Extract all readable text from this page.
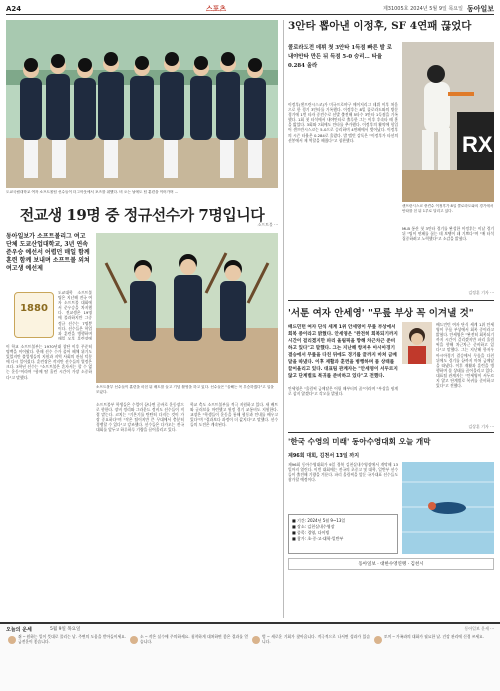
A24	스포츠	제31005호 2024년 5월 9일 목요일 동아일보
도쿄국립대학교 여자 소프트볼팀 선수들이 더그아웃에서 포즈를 취했다. 비 오는 날에도 팀 훈련을 이어가며 ...
전교생 19명 중 정규선수가 7명입니다
소프트볼 ···
동아일보가 소프트볼리그 여고 단체 도쿄산업대학교, 3년 연속 준우승 예선서 어렵던 매일 함께 훈련 함께 보내며 소프트볼 외쳐 여고생 예선제
1880
도쿄대학 소프트볼팀은 지난해 전국 여자 소프트볼 대회에서 준우승을 차지했다. 전교생은 19명에 불과하지만 그중 정규 선수는 7명뿐이다. 선수들은 학업과 훈련을 병행하며 매일 오후 훈련장에
이 학교 소프트볼부는 1970년대 창단 이후 꾸준히 명맥을 이어왔다. 한때 선수 수가 줄어 해체 위기도 있었지만 졸업생들의 지원과 지역 사회의 관심 덕분에 다시 일어섰다. 훈련장은 작지만 선수들의 열정은 크다. 3학년 선수는 "소프트볼은 혼자서는 할 수 없는 운동"이라며 "함께 땀 흘린 시간이 가장 소중하다"고 말했다.
소프트볼부 선수들이 훈련을 마친 뒤 배트를 들고 기념 촬영을 하고 있다. 선수들은 "올해는 꼭 우승하겠다"고 입을 모았다.
소프트볼부 학생들은 수업이 끝나면 곧바로 운동장으로 향한다. 장비 정리와 그라운드 정비도 선수들이 직접 맡는다. 코치는 "기본기를 탄탄히 다지는 것이 가장 중요하다"며 "작은 팀이지만 큰 무대에서 충분히 경쟁할 수 있다"고 강조했다. 선수들은 다가오는 전국 대회를 앞두고 하루하루 기량을 끌어올리고 있다.
학교 측도 소프트볼부를 적극 지원하고 있다. 새 배트와 글러브를 마련했고 원정 경기 교통비도 지원한다. 교장은 "학생들이 운동을 통해 협동과 인내를 배우고 있다"며 "결과보다 과정이 더 값지다"고 말했다. 선수들의 도전은 계속된다.
3안타 뽑아낸 이정후, SF 4연패 끊었다
콜로라도전 데뷔 첫 3안타 1득점 빠른 발 로 내야안타 만든 뒤 득점 5-0 승리… 타율 0.284 올라
이정후(샌프란시스코)가 미국프로야구 메이저리그 데뷔 이후 처음으로 한 경기 3안타를 기록했다. 이정후는 8일 콜로라도와의 방문경기에 1번 타자 중견수로 선발 출전해 5타수 3안타 1득점을 기록했다. 1회 첫 타석에서 내야안타로 출루한 그는 이후 후속타 때 홈을 밟았다. 3회와 7회에도 안타를 추가했다. 이정후의 활약에 힘입어 샌프란시스코는 5-0으로 승리하며 4연패에서 벗어났다. 이정후의 시즌 타율은 0.284로 올랐다. 밥 멜빈 감독은 "이정후가 타선의 선봉에서 제 역할을 해줬다"고 칭찬했다.	RX
샌프란시스코 중견수 이정후가 8일 콜로라도와의 경기에서 안타를 친 뒤 1루로 달리고 있다.
MLB 통산 첫 3안타 경기를 완성한 이정후는 이날 경기 뒤 "팀이 연패를 끊는 데 보탬이 돼 기쁘다"며 "매 타석 집중하려고 노력했다"고 소감을 밝혔다.
김정훈 기자 ···
'서툰 여자 안세영' "무릎 부상 꼭 이겨낼 것"
배드민턴 여자 단식 세계 1위 안세영이 무릎 부상에서 회복 중이라고 밝혔다. 안세영은 "완전히 회복되기까지 시간이 걸리겠지만 파리 올림픽을 향해 차근차근 준비하고 있다"고 말했다. 그는 지난해 항저우 아시아경기 결승에서 무릎을 다친 뒤에도 경기를 끝까지 마쳐 금메달을 따냈다. 이후 재활과 훈련을 병행하며 몸 상태를 끌어올리고 있다. 대표팀 관계자는 "안세영이 서두르지 않고 단계별로 복귀를 준비하고 있다"고 전했다.
배드민턴 여자 단식 세계 1위 안세영이 무릎 부상에서 회복 중이라고 밝혔다. 안세영은 "완전히 회복되기까지 시간이 걸리겠지만 파리 올림픽을 향해 차근차근 준비하고 있다"고 말했다. 그는 지난해 항저우 아시아경기 결승에서 무릎을 다친 뒤에도 경기를 끝까지 마쳐 금메달을 따냈다. 이후 재활과 훈련을 병행하며 몸 상태를 끌어올리고 있다. 대표팀 관계자는 "안세영이 서두르지 않고 단계별로 복귀를 준비하고 있다"고 전했다.
안세영은 "올림픽 금메달은 어릴 때부터의 꿈"이라며 "부상을 핑계로 삼지 않겠다"고 각오를 밝혔다.
김상훈 기자 ···
'한국 수영의 미래' 동아수영대회 오늘 개막
제96회 대회, 김천서 13일 까지
제96회 동아수영대회가 9일 경북 김천실내수영장에서 개막해 13일까지 열린다. 이번 대회에는 전국의 초중고 및 대학, 일반부 선수들이 출전해 기량을 겨룬다. 파리 올림픽을 앞둔 국가대표 선수들도 참가할 예정이다.
■ 기간: 2024년 5월 9~13일
■ 장소: 김천실내수영장
■ 종목: 경영, 다이빙
■ 참가: 초·중·고·대학·일반부
동아일보 · 대한수영연맹 · 김천시
오늘의 운세	5월 9일 목요일	동아일보 운세 ···
쥐 ─ 원하는 일이 뜻대로 풀리는 날. 주변의 도움을 받아들이세요. 금전운이 좋습니다.
소 ─ 작은 실수에 주의하세요. 침착하게 대처하면 좋은 결과를 얻습니다.
범 ─ 새로운 기회가 찾아옵니다. 적극적으로 나서면 성과가 있습니다.
토끼 ─ 가족과의 대화가 필요한 날. 건강 관리에 신경 쓰세요.
